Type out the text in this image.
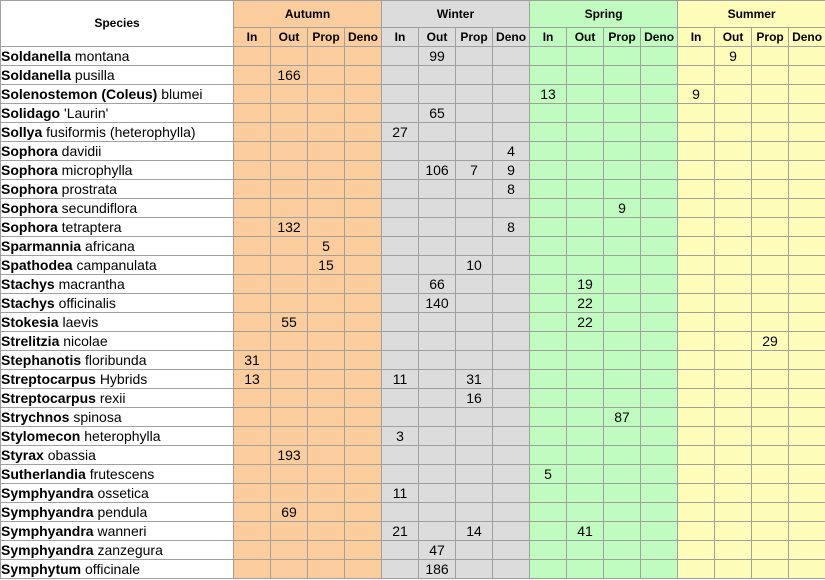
Species	Autumn				Winter				Spring				Summer			
	In	Out	Prop	Deno	In	Out	Prop	Deno	In	Out	Prop	Deno	In	Out	Prop	Deno
Soldanella montana						99								9		
Soldanella pusilla		166														
Solenostemon (Coleus) blumei									13				9			
Solidago 'Laurin'						65										
Sollya fusiformis (heterophylla)					27											
Sophora davidii								4								
Sophora microphylla						106	7	9								
Sophora prostrata								8								
Sophora secundiflora											9					
Sophora tetraptera		132						8								
Sparmannia africana			5													
Spathodea campanulata			15				10									
Stachys macrantha						66				19						
Stachys officinalis						140				22						
Stokesia laevis		55								22						
Strelitzia nicolae															29	
Stephanotis floribunda	31															
Streptocarpus Hybrids	13				11		31									
Streptocarpus rexii							16									
Strychnos spinosa											87					
Stylomecon heterophylla					3											
Styrax obassia		193														
Sutherlandia frutescens									5							
Symphyandra ossetica					11											
Symphyandra pendula		69														
Symphyandra wanneri					21		14			41						
Symphyandra zanzegura						47										
Symphytum officinale						186										
